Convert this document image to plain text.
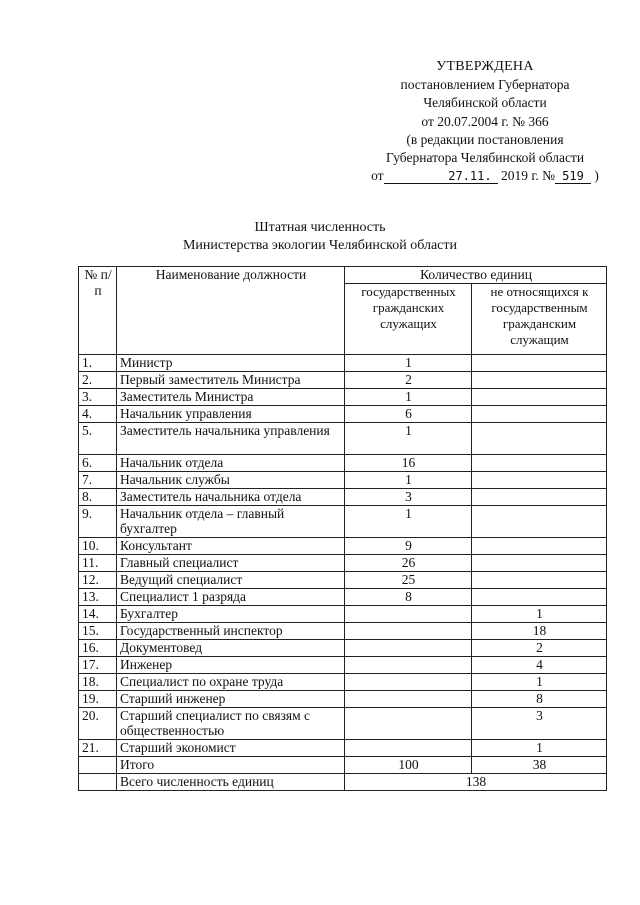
УТВЕРЖДЕНА
постановлением Губернатора
Челябинской области
от 20.07.2004 г. № 366
(в редакции постановления
Губернатора Челябинской области
от	27.11. 2019 г. № 519 )
Штатная численность
Министерства экологии Челябинской области
№ п/п	Наименование должности	Количество единиц	
		государственных гражданских служащих	не относящихся к государственным гражданским служащим
1.	Министр	1	
2.	Первый заместитель Министра	2	
3.	Заместитель Министра	1	
4.	Начальник управления	6	
5.	Заместитель начальника управления	1	
6.	Начальник отдела	16	
7.	Начальник службы	1	
8.	Заместитель начальника отдела	3	
9.	Начальник отдела – главный бухгалтер	1	
10.	Консультант	9	
11.	Главный специалист	26	
12.	Ведущий специалист	25	
13.	Специалист 1 разряда	8	
14.	Бухгалтер		1
15.	Государственный инспектор		18
16.	Документовед		2
17.	Инженер		4
18.	Специалист по охране труда		1
19.	Старший инженер		8
20.	Старший специалист по связям с общественностью		3
21.	Старший экономист		1
	Итого	100	38
	Всего численность единиц	138	
